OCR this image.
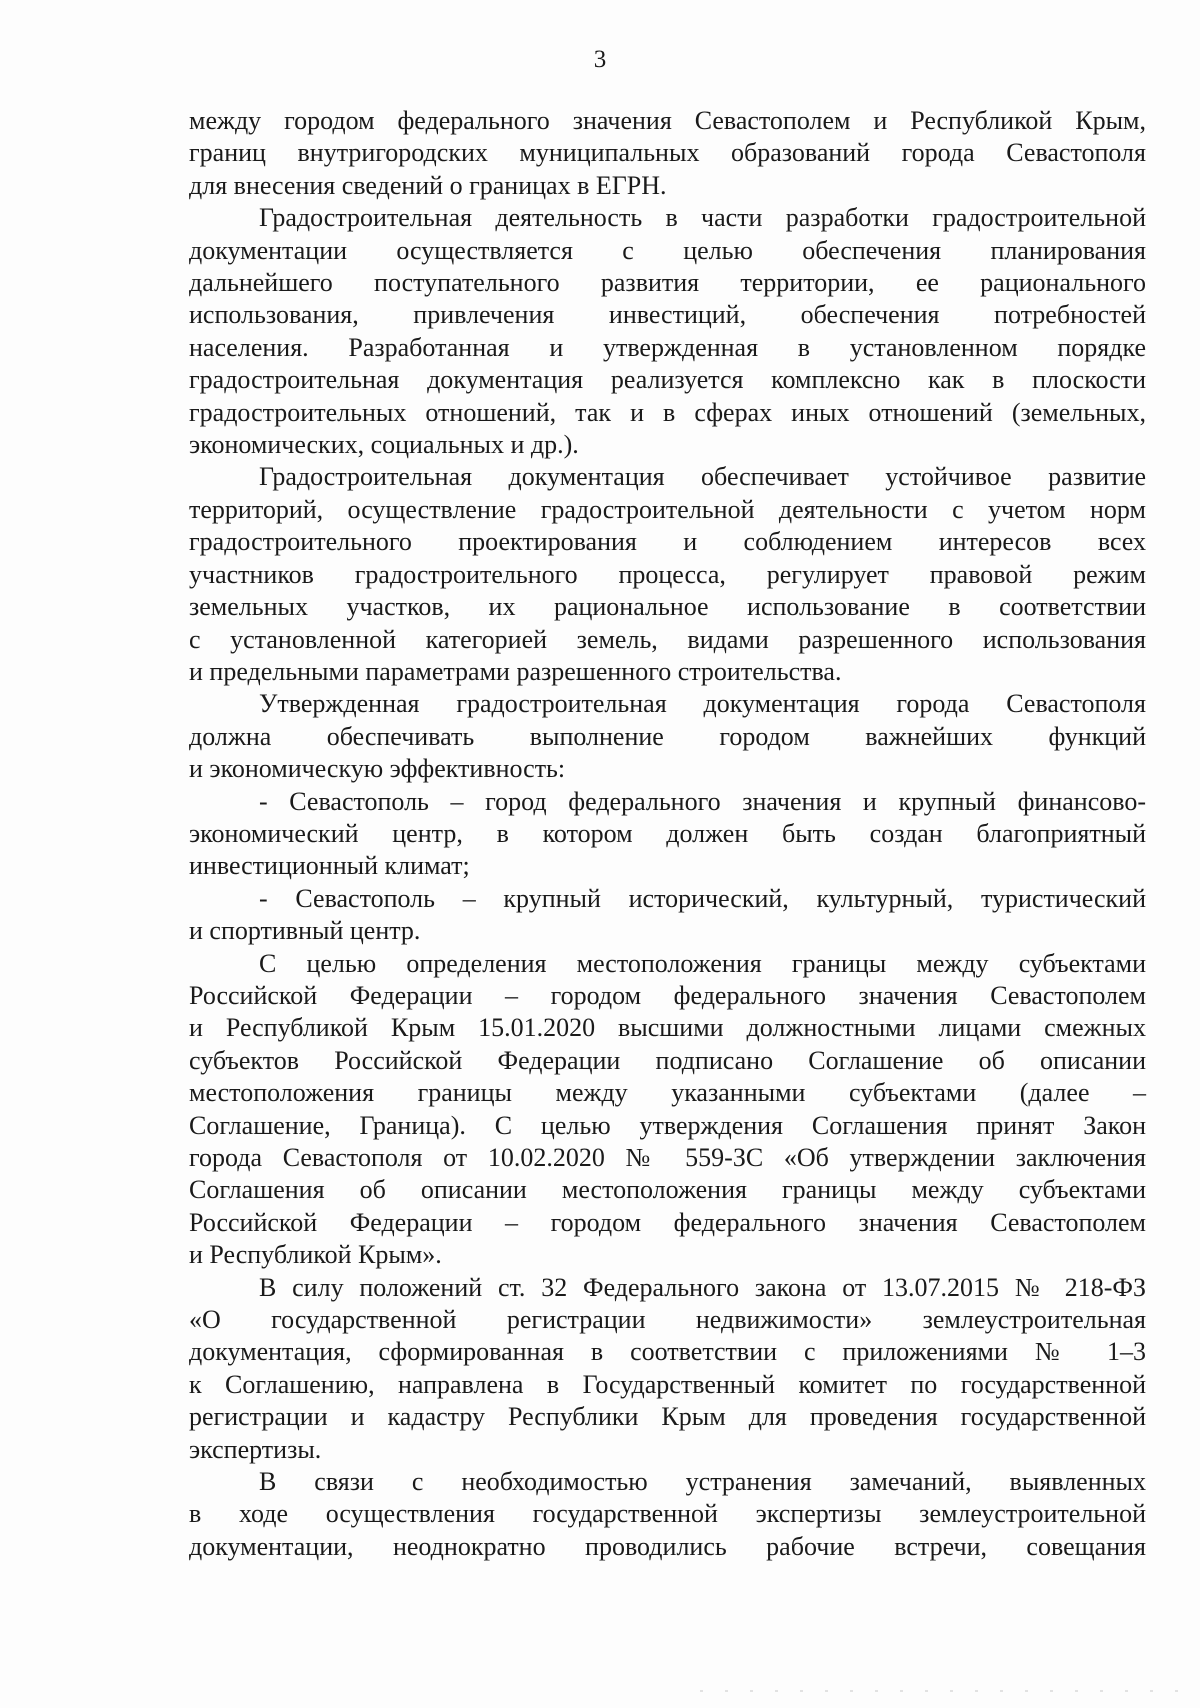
3

между городом федерального значения Севастополем и Республикой Крым,
границ внутригородских муниципальных образований города Севастополя
для внесения сведений о границах в ЕГРН.

Градостроительная деятельность в части разработки градостроительной
документации осуществляется с целью обеспечения планирования
дальнейшего поступательного развития территории, ее рационального
использования, привлечения инвестиций, обеспечения потребностей
населения. Разработанная и утвержденная в установленном порядке
градостроительная документация реализуется комплексно как в плоскости
градостроительных отношений, так и в сферах иных отношений (земельных,
экономических, социальных и др.).

Градостроительная документация обеспечивает устойчивое развитие
территорий, осуществление градостроительной деятельности с учетом норм
градостроительного проектирования и соблюдением интересов всех
участников градостроительного процесса, регулирует правовой режим
земельных участков, их рациональное использование в соответствии
с установленной категорией земель, видами разрешенного использования
и предельными параметрами разрешенного строительства.

Утвержденная градостроительная документация города Севастополя
должна обеспечивать выполнение городом важнейших функций
и экономическую эффективность:

- Севастополь – город федерального значения и крупный финансово-
экономический центр, в котором должен быть создан благоприятный
инвестиционный климат;

- Севастополь – крупный исторический, культурный, туристический
и спортивный центр.

С целью определения местоположения границы между субъектами
Российской Федерации – городом федерального значения Севастополем
и Республикой Крым 15.01.2020 высшими должностными лицами смежных
субъектов Российской Федерации подписано Соглашение об описании
местоположения границы между указанными субъектами (далее –
Соглашение, Граница). С целью утверждения Соглашения принят Закон
города Севастополя от 10.02.2020 № 559-ЗС «Об утверждении заключения
Соглашения об описании местоположения границы между субъектами
Российской Федерации – городом федерального значения Севастополем
и Республикой Крым».

В силу положений ст. 32 Федерального закона от 13.07.2015 № 218-ФЗ
«О государственной регистрации недвижимости» землеустроительная
документация, сформированная в соответствии с приложениями № 1–3
к Соглашению, направлена в Государственный комитет по государственной
регистрации и кадастру Республики Крым для проведения государственной
экспертизы.

В связи с необходимостью устранения замечаний, выявленных
в ходе осуществления государственной экспертизы землеустроительной
документации, неоднократно проводились рабочие встречи, совещания
